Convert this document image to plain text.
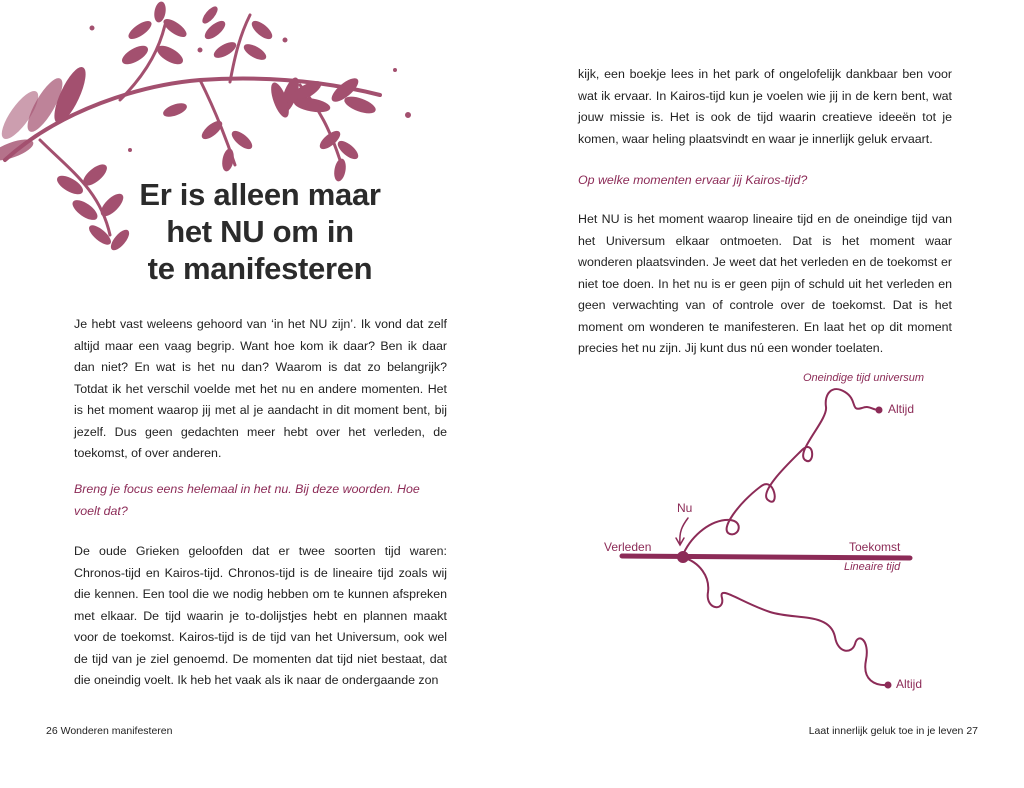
Er is alleen maar
het NU om in
te manifesteren

Je hebt vast weleens gehoord van ‘in het NU zijn’. Ik vond dat zelf altijd maar een vaag begrip. Want hoe kom ik daar? Ben ik daar dan niet? En wat is het nu dan? Waarom is dat zo belangrijk? Totdat ik het verschil voelde met het nu en andere momenten. Het is het moment waarop jij met al je aandacht in dit moment bent, bij jezelf. Dus geen gedachten meer hebt over het verleden, de toekomst, of over anderen.

Breng je focus eens helemaal in het nu. Bij deze woorden. Hoe voelt dat?

De oude Grieken geloofden dat er twee soorten tijd waren: Chronos-tijd en Kairos-tijd. Chronos-tijd is de lineaire tijd zoals wij die kennen. Een tool die we nodig hebben om te kunnen afspreken met elkaar. De tijd waarin je to-dolijstjes hebt en plannen maakt voor de toekomst. Kairos-tijd is de tijd van het Universum, ook wel de tijd van je ziel genoemd. De momenten dat tijd niet bestaat, dat die oneindig voelt. Ik heb het vaak als ik naar de ondergaande zon

26 Wonderen manifesteren

kijk, een boekje lees in het park of ongelofelijk dankbaar ben voor wat ik ervaar. In Kairos-tijd kun je voelen wie jij in de kern bent, wat jouw missie is. Het is ook de tijd waarin creatieve ideeën tot je komen, waar heling plaatsvindt en waar je innerlijk geluk ervaart.

Op welke momenten ervaar jij Kairos-tijd?

Het NU is het moment waarop lineaire tijd en de oneindige tijd van het Universum elkaar ontmoeten. Dat is het moment waar wonderen plaatsvinden. Je weet dat het verleden en de toekomst er niet toe doen. In het nu is er geen pijn of schuld uit het verleden en geen verwachting van of controle over de toekomst. Dat is het moment om wonderen te manifesteren. En laat het op dit moment precies het nu zijn. Jij kunt dus nú een wonder toelaten.

Laat innerlijk geluk toe in je leven 27
Oneindige tijd universum
Altijd
Nu
Verleden	Toekomst
Lineaire tijd
Altijd
